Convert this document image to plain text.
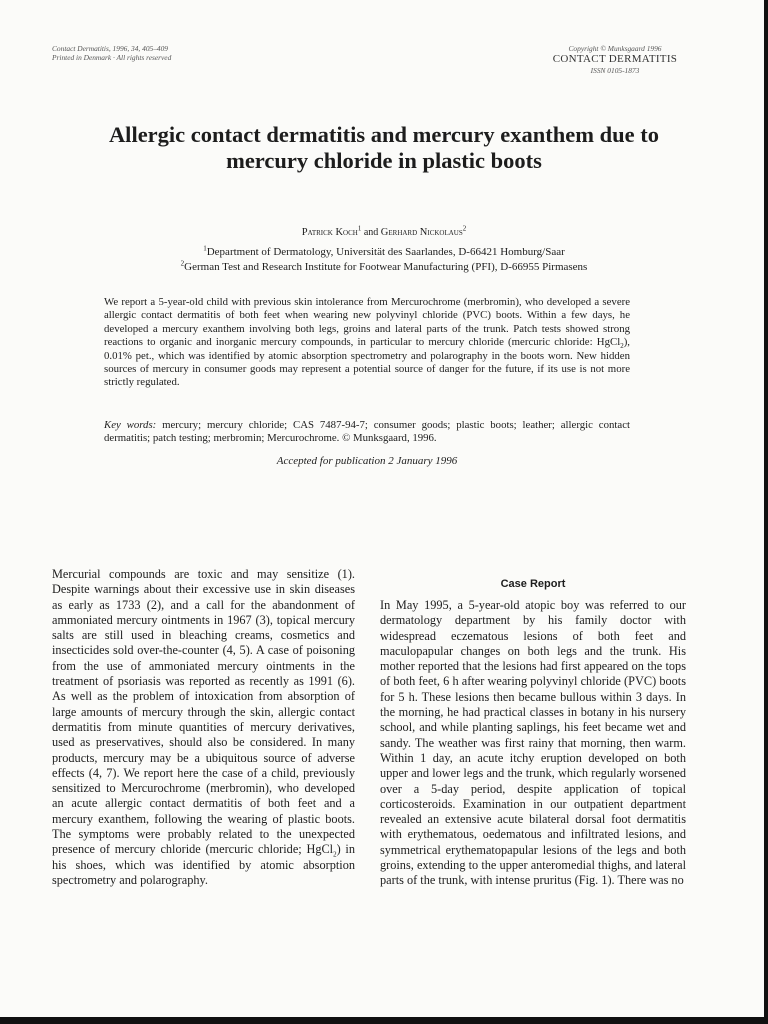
Contact Dermatitis, 1996, 34, 405–409
Printed in Denmark · All rights reserved
Copyright © Munksgaard 1996
CONTACT DERMATITIS
ISSN 0105-1873
Allergic contact dermatitis and mercury exanthem due to mercury chloride in plastic boots
Patrick Koch$^1$ and Gerhard Nickolaus$^2$
$^1$Department of Dermatology, Universität des Saarlandes, D-66421 Homburg/Saar
$^2$German Test and Research Institute for Footwear Manufacturing (PFI), D-66955 Pirmasens

We report a 5-year-old child with previous skin intolerance from Mercurochrome (merbromin), who developed a severe allergic contact dermatitis of both feet when wearing new polyvinyl chloride (PVC) boots. Within a few days, he developed a mercury exanthem involving both legs, groins and lateral parts of the trunk. Patch tests showed strong reactions to organic and inorganic mercury compounds, in particular to mercury chloride (mercuric chloride: HgCl$_2$), 0.01% pet., which was identified by atomic absorption spectrometry and polarography in the boots worn. New hidden sources of mercury in consumer goods may represent a potential source of danger for the future, if its use is not more strictly regulated.

Key words: mercury; mercury chloride; CAS 7487-94-7; consumer goods; plastic boots; leather; allergic contact dermatitis; patch testing; merbromin; Mercurochrome. © Munksgaard, 1996.

Accepted for publication 2 January 1996

Mercurial compounds are toxic and may sensitize (1). Despite warnings about their excessive use in skin diseases as early as 1733 (2), and a call for the abandonment of ammoniated mercury ointments in 1967 (3), topical mercury salts are still used in bleaching creams, cosmetics and insecticides sold over-the-counter (4, 5). A case of poisoning from the use of ammoniated mercury ointments in the treatment of psoriasis was reported as recently as 1991 (6). As well as the problem of intoxication from absorption of large amounts of mercury through the skin, allergic contact dermatitis from minute quantities of mercury derivatives, used as preservatives, should also be considered. In many products, mercury may be a ubiquitous source of adverse effects (4, 7). We report here the case of a child, previously sensitized to Mercurochrome (merbromin), who developed an acute allergic contact dermatitis of both feet and a mercury exanthem, following the wearing of plastic boots. The symptoms were probably related to the unexpected presence of mercury chloride (mercuric chloride; HgCl$_2$) in his shoes, which was identified by atomic absorption spectrometry and polarography.

Case Report

In May 1995, a 5-year-old atopic boy was referred to our dermatology department by his family doctor with widespread eczematous lesions of both feet and maculopapular changes on both legs and the trunk. His mother reported that the lesions had first appeared on the tops of both feet, 6 h after wearing polyvinyl chloride (PVC) boots for 5 h. These lesions then became bullous within 3 days. In the morning, he had practical classes in botany in his nursery school, and while planting saplings, his feet became wet and sandy. The weather was first rainy that morning, then warm. Within 1 day, an acute itchy eruption developed on both upper and lower legs and the trunk, which regularly worsened over a 5-day period, despite application of topical corticosteroids. Examination in our outpatient department revealed an extensive acute bilateral dorsal foot dermatitis with erythematous, oedematous and infiltrated lesions, and symmetrical erythematopapular lesions of the legs and both groins, extending to the upper anteromedial thighs, and lateral parts of the trunk, with intense pruritus (Fig. 1). There was no
